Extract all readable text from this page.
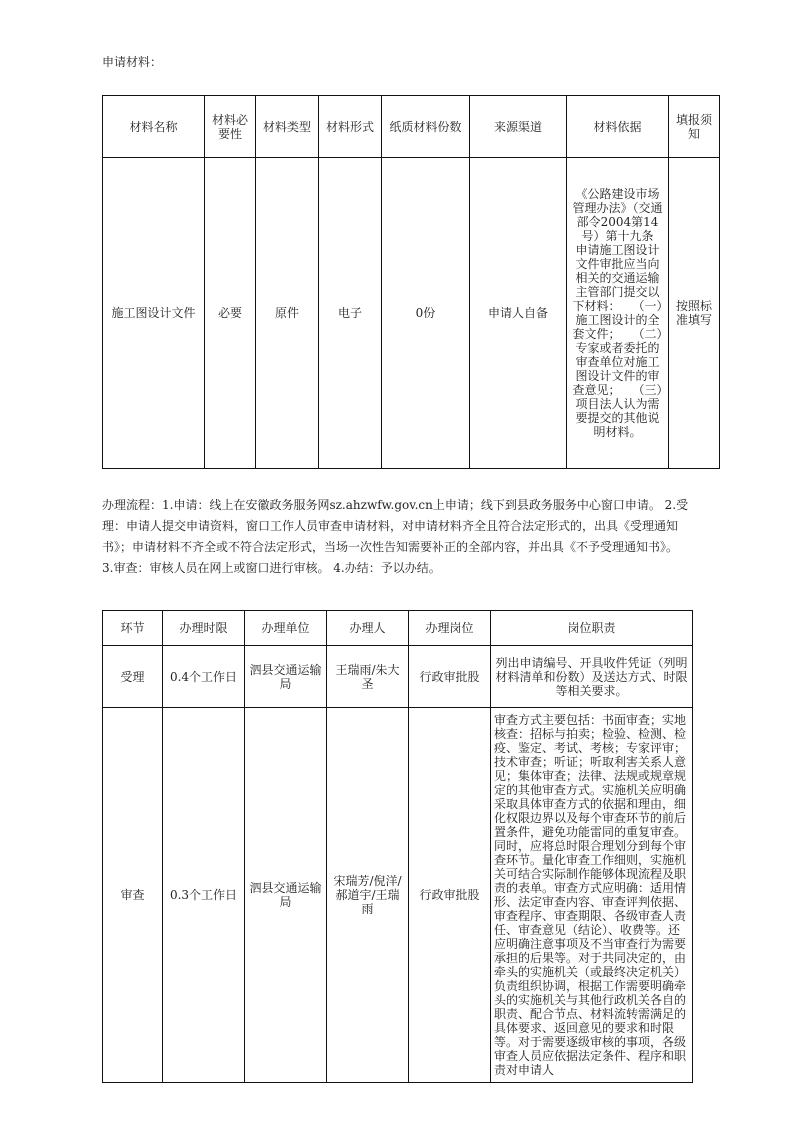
申请材料：
材料名称	材料必要性	材料类型	材料形式	纸质材料份数	来源渠道	材料依据	填报须知
施工图设计文件	必要	原件	电子	0份	申请人自备	《公路建设市场管理办法》（交通部令2004第14号）第十九条　申请施工图设计文件审批应当向相关的交通运输主管部门提交以下材料：　　（一）施工图设计的全套文件；　　（二）专家或者委托的审查单位对施工图设计文件的审查意见；　　（三）项目法人认为需要提交的其他说明材料。	按照标准填写
办理流程：1.申请：线上在安徽政务服务网sz.ahzwfw.gov.cn上申请；线下到县政务服务中心窗口申请。 2.受理：申请人提交申请资料，窗口工作人员审查申请材料，对申请材料齐全且符合法定形式的，出具《受理通知书》；申请材料不齐全或不符合法定形式，当场一次性告知需要补正的全部内容，并出具《不予受理通知书》。 3.审查：审核人员在网上或窗口进行审核。 4.办结：予以办结。
环节	办理时限	办理单位	办理人	办理岗位	岗位职责
受理	0.4个工作日	泗县交通运输局	王瑞雨/朱大圣	行政审批股	列出申请编号、开具收件凭证（列明材料清单和份数）及送达方式、时限等相关要求。
审查	0.3个工作日	泗县交通运输局	宋瑞芳/倪洋/郝道宇/王瑞雨	行政审批股	审查方式主要包括：书面审查；实地核查：招标与拍卖；检验、检测、检疫、鉴定、考试、考核；专家评审；技术审查；听证；听取利害关系人意见；集体审查；法律、法规或规章规定的其他审查方式。实施机关应明确采取具体审查方式的依据和理由，细化权限边界以及每个审查环节的前后置条件，避免功能雷同的重复审查。同时，应将总时限合理划分到每个审查环节。量化审查工作细则，实施机关可结合实际制作能够体现流程及职责的表单。审查方式应明确：适用情形、法定审查内容、审查评判依据、审查程序、审查期限、各级审查人责任、审查意见（结论）、收费等。还应明确注意事项及不当审查行为需要承担的后果等。对于共同决定的，由牵头的实施机关（或最终决定机关）负责组织协调，根据工作需要明确牵头的实施机关与其他行政机关各自的职责、配合节点、材料流转需满足的具体要求、返回意见的要求和时限等。对于需要逐级审核的事项，各级审查人员应依据法定条件、程序和职责对申请人
